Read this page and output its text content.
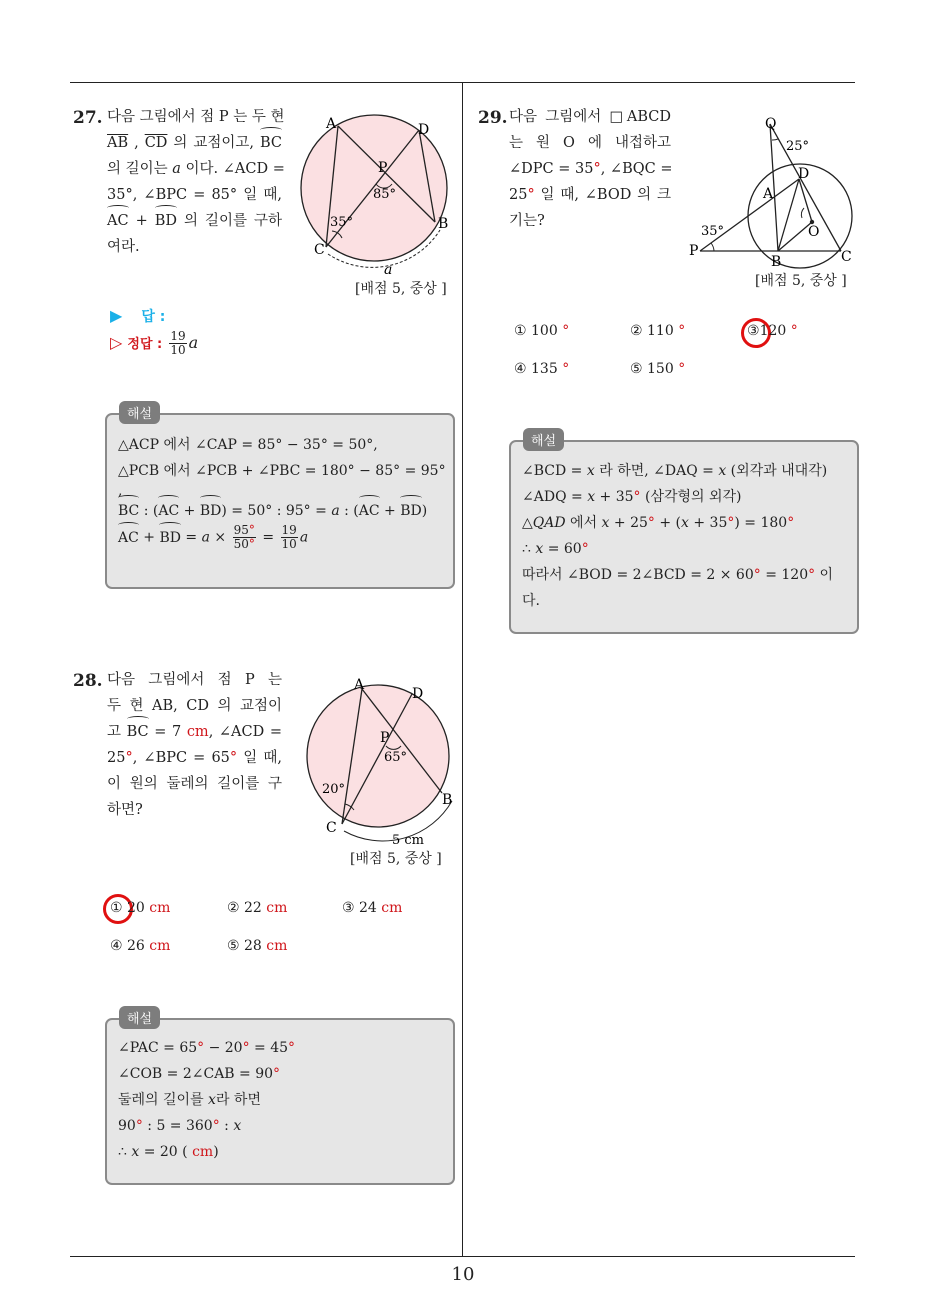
10
27. 다음 그림에서 점 P 는 두 현
$\overline{AB}$ , $\overline{CD}$ 의 교점이고, BC
의 길이는 a 이다. ∠ACD =
35°, ∠BPC = 85° 일 때,
AC + BD 의 길이를 구하
여라.
A	D
P
85°
35°	B
C
a
[배점 5, 중상 ]
▶ 답 :
▷ 정답 : $\frac{19}{10}$ a
해설
△ACP 에서 ∠CAP = 85° − 35° = 50°,
△PCB 에서 ∠PCB + ∠PBC = 180° − 85° = 95°
,
BC : (AC + BD) = 50° : 95° = a : (AC + BD)
AC + BD = $a \times \frac{95^\circ}{50^\circ} = \frac{19}{10}$ a
28. 다음 그림에서 점 P 는
두 현 AB, CD 의 교점이
고 BC = 7 cm, ∠ACD =
25°, ∠BPC = 65° 일 때,
이 원의 둘레의 길이를 구
하면?
A
D
P
65°
20°
B
C
5 cm
[배점 5, 중상 ]
① 20 cm	② 22 cm	③ 24 cm
④ 26 cm	⑤ 28 cm
해설
∠PAC = 65° − 20° = 45°
∠COB = 2∠CAB = 90°
둘레의 길이를 x라 하면
90° : 5 = 360° : x
∴ x = 20 ( cm)
29. 다음 그림에서 □ABCD
는 원 O 에 내접하고
∠DPC = 35°, ∠BQC =
25° 일 때, ∠BOD 의 크
기는?
Q
25°
D
A
O
35°
P
B	C
[배점 5, 중상 ]
① 100 °	② 110 °	③120 °
④ 135 °	⑤ 150 °
해설
∠BCD = x 라 하면, ∠DAQ = x (외각과 내대각)
∠ADQ = x + 35° (삼각형의 외각)
△QAD 에서 x + 25° + (x + 35°) = 180°
∴ x = 60°
따라서 ∠BOD = 2∠BCD = 2 × 60° = 120° 이
다.
